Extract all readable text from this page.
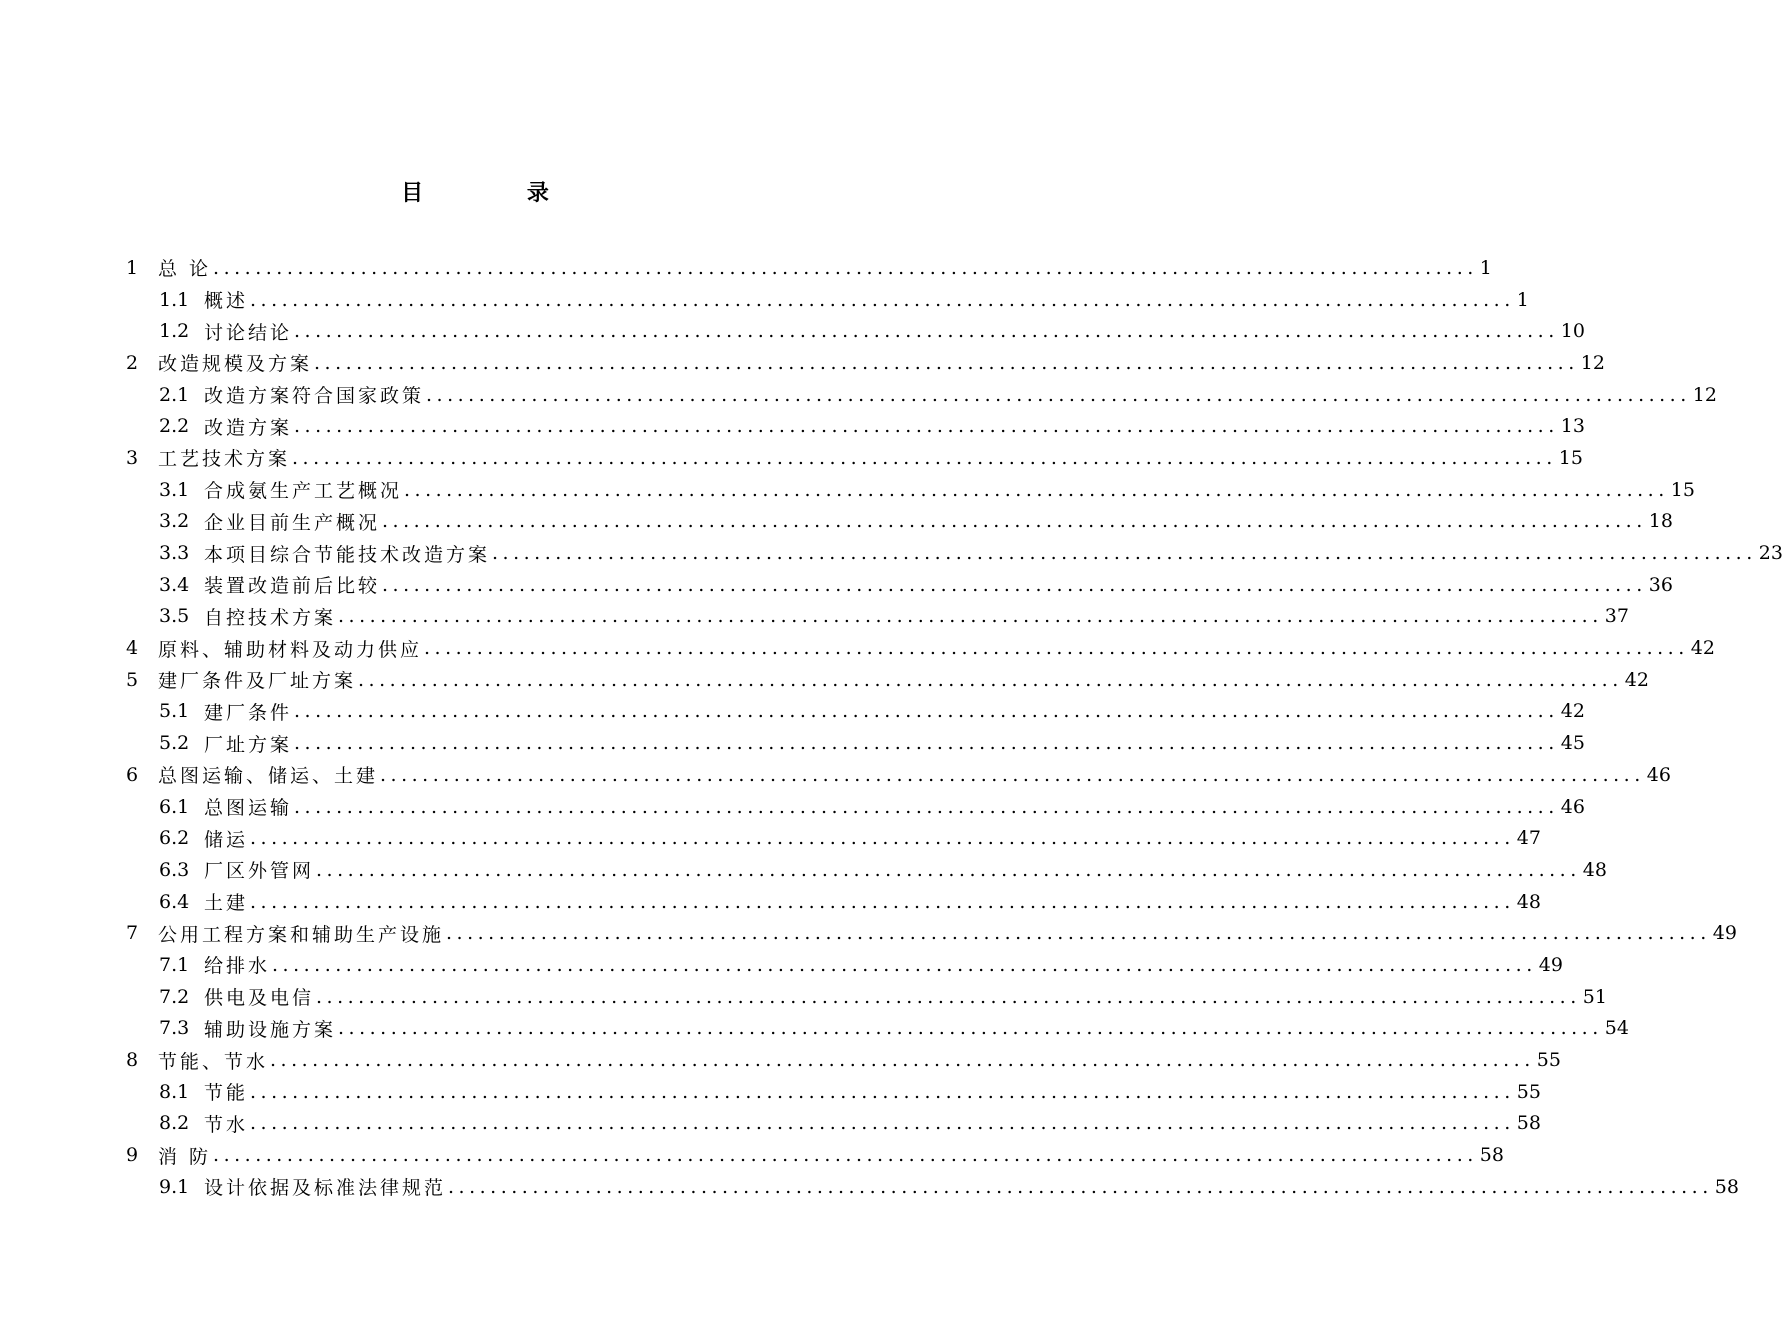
目 录
1	总 论 ........................................................................................................................ 1
1.1 概述 ........................................................................................................................ 1
1.2 讨论结论 ........................................................................................................................ 10
2	改造规模及方案 ........................................................................................................................ 12
2.1 改造方案符合国家政策 ........................................................................................................................ 12
2.2 改造方案 ........................................................................................................................ 13
3	工艺技术方案 ........................................................................................................................ 15
3.1 合成氨生产工艺概况 ........................................................................................................................ 15
3.2 企业目前生产概况 ........................................................................................................................ 18
3.3 本项目综合节能技术改造方案 ........................................................................................................................ 23
3.4 装置改造前后比较 ........................................................................................................................ 36
3.5 自控技术方案 ........................................................................................................................ 37
4	原料、辅助材料及动力供应 ........................................................................................................................ 42
5	建厂条件及厂址方案 ........................................................................................................................ 42
5.1 建厂条件 ........................................................................................................................ 42
5.2 厂址方案 ........................................................................................................................ 45
6	总图运输、储运、土建 ........................................................................................................................ 46
6.1 总图运输 ........................................................................................................................ 46
6.2 储运 ........................................................................................................................ 47
6.3 厂区外管网 ........................................................................................................................ 48
6.4 土建 ........................................................................................................................ 48
7	公用工程方案和辅助生产设施 ........................................................................................................................ 49
7.1 给排水 ........................................................................................................................ 49
7.2 供电及电信 ........................................................................................................................ 51
7.3 辅助设施方案 ........................................................................................................................ 54
8	节能、节水 ........................................................................................................................ 55
8.1 节能 ........................................................................................................................ 55
8.2 节水 ........................................................................................................................ 58
9	消 防 ........................................................................................................................ 58
9.1 设计依据及标准法律规范 ........................................................................................................................ 58
